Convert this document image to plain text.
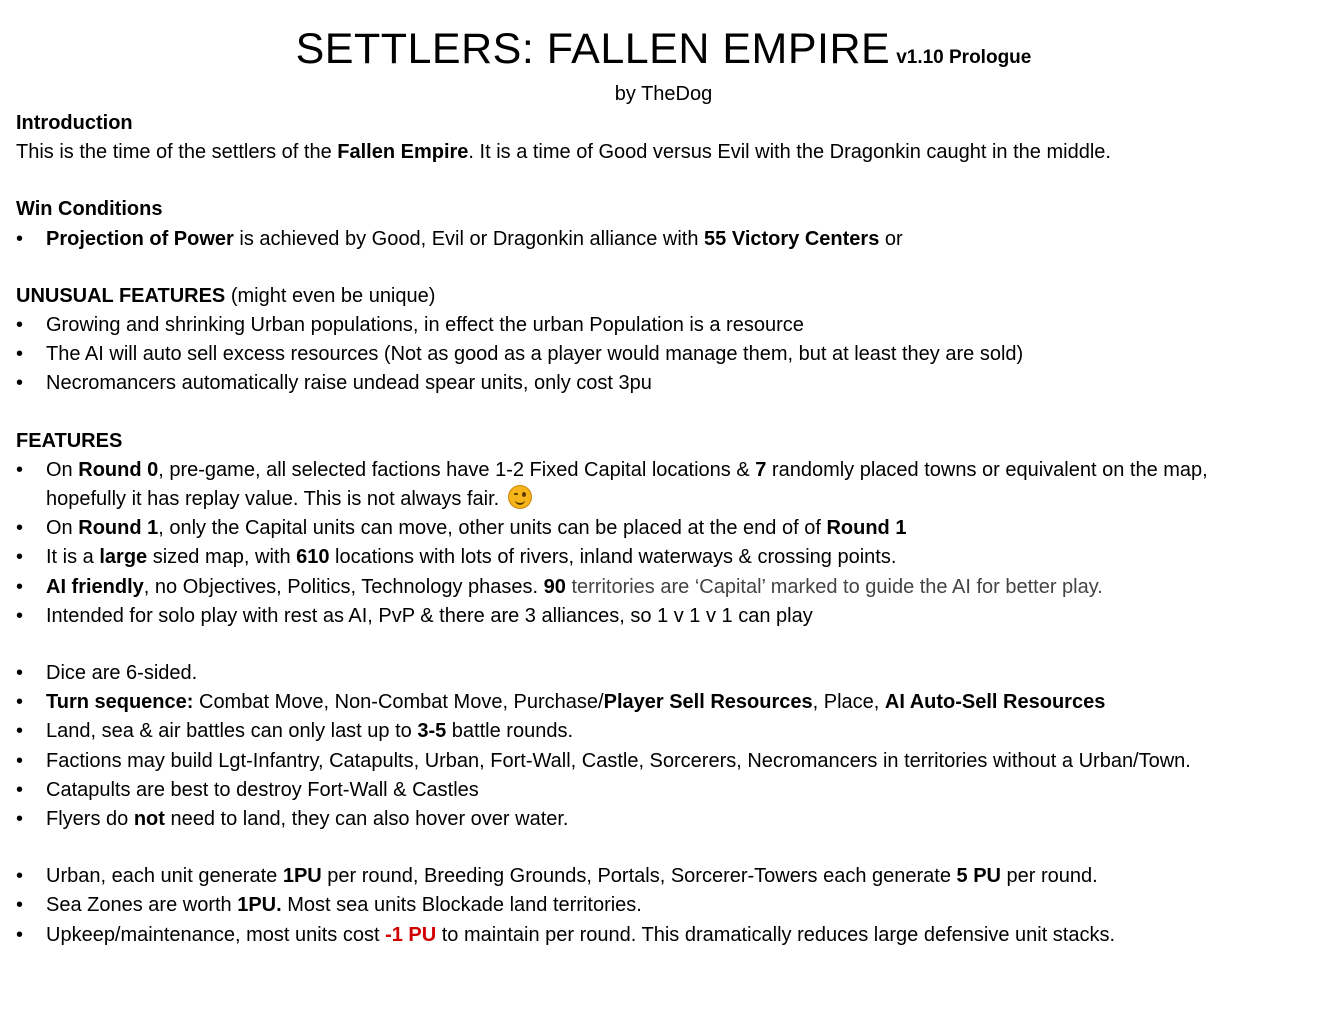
SETTLERS: FALLEN EMPIRE v1.10 Prologue
by TheDog
Introduction
This is the time of the settlers of the Fallen Empire. It is a time of Good versus Evil with the Dragonkin caught in the middle.
Win Conditions
• Projection of Power is achieved by Good, Evil or Dragonkin alliance with 55 Victory Centers or
UNUSUAL FEATURES (might even be unique)
• Growing and shrinking Urban populations, in effect the urban Population is a resource
• The AI will auto sell excess resources (Not as good as a player would manage them, but at least they are sold)
• Necromancers automatically raise undead spear units, only cost 3pu
FEATURES
• On Round 0, pre-game, all selected factions have 1-2 Fixed Capital locations & 7 randomly placed towns or equivalent on the map,
hopefully it has replay value. This is not always fair.
• On Round 1, only the Capital units can move, other units can be placed at the end of of Round 1
• It is a large sized map, with 610 locations with lots of rivers, inland waterways & crossing points.
• AI friendly, no Objectives, Politics, Technology phases. 90 territories are ‘Capital’ marked to guide the AI for better play.
• Intended for solo play with rest as AI, PvP & there are 3 alliances, so 1 v 1 v 1 can play
• Dice are 6-sided.
• Turn sequence: Combat Move, Non-Combat Move, Purchase/Player Sell Resources, Place, AI Auto-Sell Resources
• Land, sea & air battles can only last up to 3-5 battle rounds.
• Factions may build Lgt-Infantry, Catapults, Urban, Fort-Wall, Castle, Sorcerers, Necromancers in territories without a Urban/Town.
• Catapults are best to destroy Fort-Wall & Castles
• Flyers do not need to land, they can also hover over water.
• Urban, each unit generate 1PU per round, Breeding Grounds, Portals, Sorcerer-Towers each generate 5 PU per round.
• Sea Zones are worth 1PU. Most sea units Blockade land territories.
• Upkeep/maintenance, most units cost -1 PU to maintain per round. This dramatically reduces large defensive unit stacks.
